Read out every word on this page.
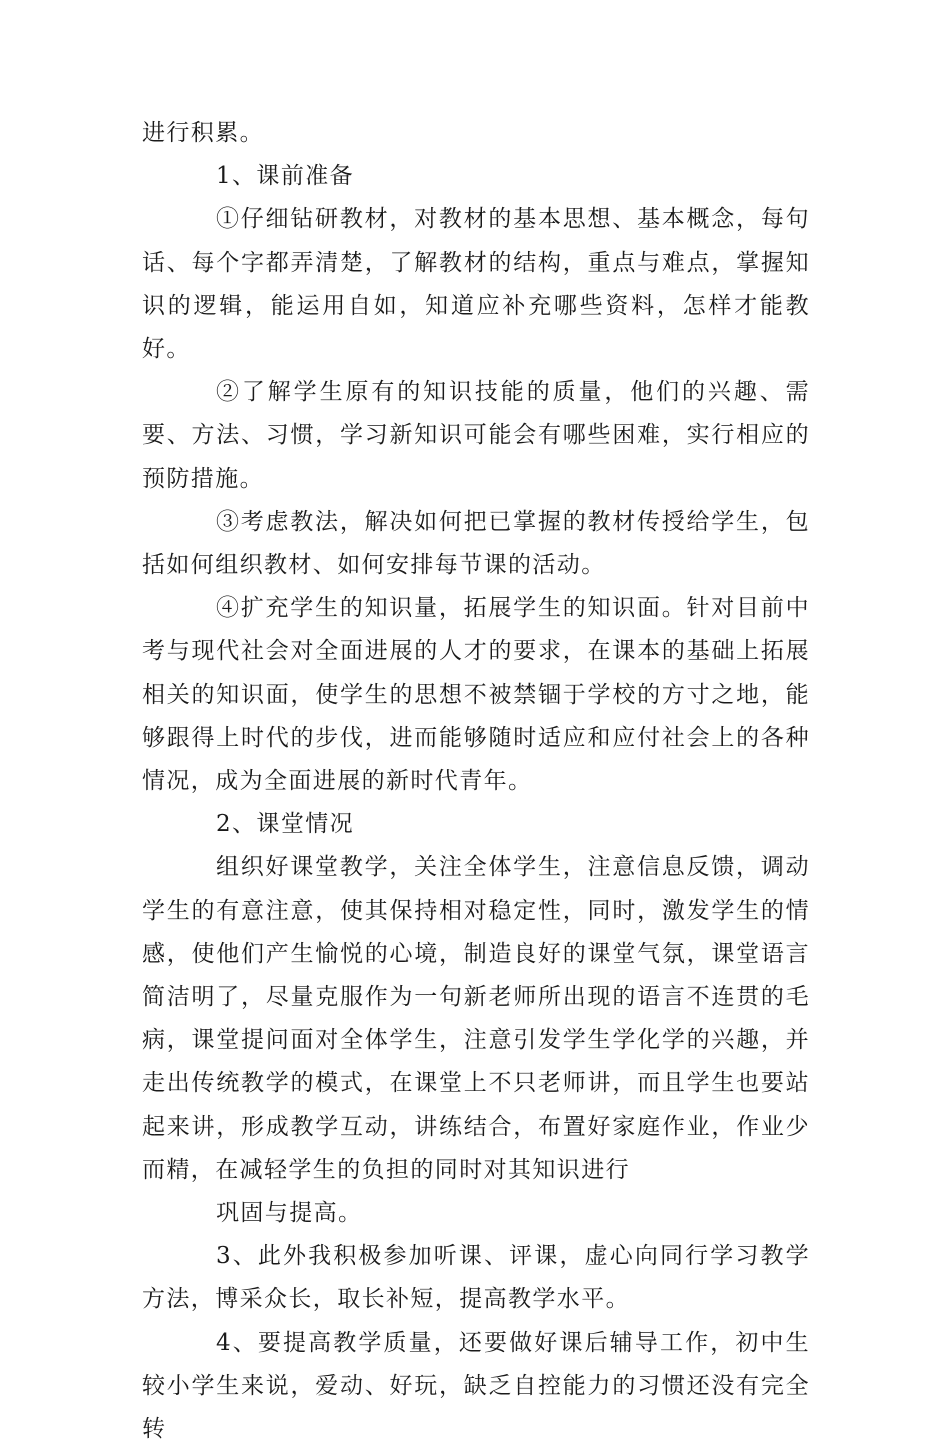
进行积累。

1、课前准备

①仔细钻研教材，对教材的基本思想、基本概念，每句话、每个字都弄清楚，了解教材的结构，重点与难点，掌握知识的逻辑，能运用自如，知道应补充哪些资料，怎样才能教好。

②了解学生原有的知识技能的质量，他们的兴趣、需要、方法、习惯，学习新知识可能会有哪些困难，实行相应的预防措施。

③考虑教法，解决如何把已掌握的教材传授给学生，包括如何组织教材、如何安排每节课的活动。

④扩充学生的知识量，拓展学生的知识面。针对目前中考与现代社会对全面进展的人才的要求，在课本的基础上拓展相关的知识面，使学生的思想不被禁锢于学校的方寸之地，能够跟得上时代的步伐，进而能够随时适应和应付社会上的各种情况，成为全面进展的新时代青年。

2、课堂情况

组织好课堂教学，关注全体学生，注意信息反馈，调动学生的有意注意，使其保持相对稳定性，同时，激发学生的情感，使他们产生愉悦的心境，制造良好的课堂气氛，课堂语言简洁明了，尽量克服作为一句新老师所出现的语言不连贯的毛病，课堂提问面对全体学生，注意引发学生学化学的兴趣，并走出传统教学的模式，在课堂上不只老师讲，而且学生也要站起来讲，形成教学互动，讲练结合，布置好家庭作业，作业少而精，在减轻学生的负担的同时对其知识进行

巩固与提高。

3、此外我积极参加听课、评课，虚心向同行学习教学方法，博采众长，取长补短，提高教学水平。

4、要提高教学质量，还要做好课后辅导工作，初中生较小学生来说，爱动、好玩，缺乏自控能力的习惯还没有完全转
